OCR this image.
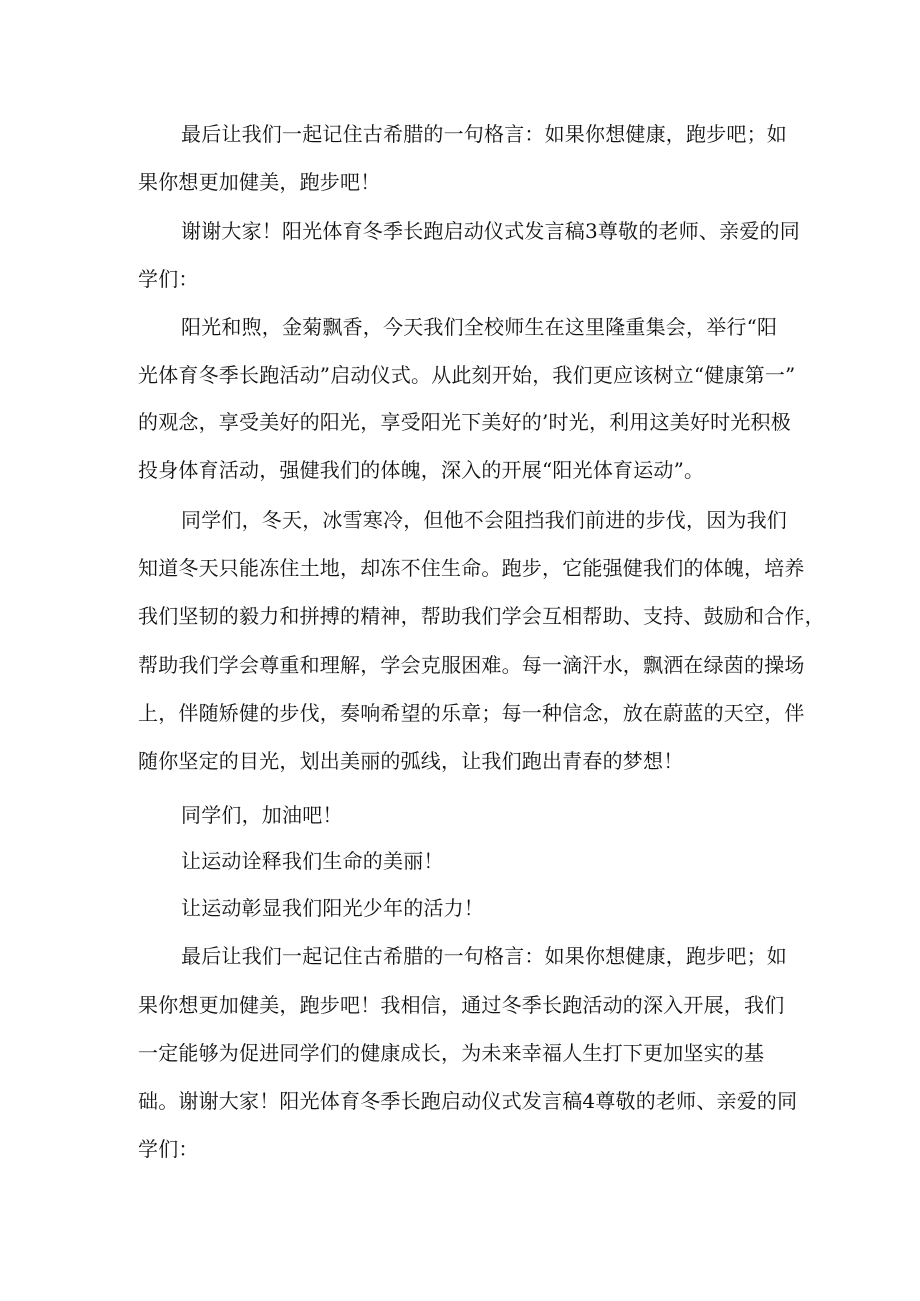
最后让我们一起记住古希腊的一句格言：如果你想健康，跑步吧；如
果你想更加健美，跑步吧！
谢谢大家！阳光体育冬季长跑启动仪式发言稿3尊敬的老师、亲爱的同
学们：
阳光和煦，金菊飘香，今天我们全校师生在这里隆重集会，举行“阳
光体育冬季长跑活动”启动仪式。从此刻开始，我们更应该树立“健康第一”
的观念，享受美好的阳光，享受阳光下美好的’时光，利用这美好时光积极
投身体育活动，强健我们的体魄，深入的开展“阳光体育运动”。
同学们，冬天，冰雪寒冷，但他不会阻挡我们前进的步伐，因为我们
知道冬天只能冻住土地，却冻不住生命。跑步，它能强健我们的体魄，培养
我们坚韧的毅力和拼搏的精神，帮助我们学会互相帮助、支持、鼓励和合作，
帮助我们学会尊重和理解，学会克服困难。每一滴汗水，飘洒在绿茵的操场
上，伴随矫健的步伐，奏响希望的乐章；每一种信念，放在蔚蓝的天空，伴
随你坚定的目光，划出美丽的弧线，让我们跑出青春的梦想！
同学们，加油吧！
让运动诠释我们生命的美丽！
让运动彰显我们阳光少年的活力！
最后让我们一起记住古希腊的一句格言：如果你想健康，跑步吧；如
果你想更加健美，跑步吧！我相信，通过冬季长跑活动的深入开展，我们
一定能够为促进同学们的健康成长，为未来幸福人生打下更加坚实的基
础。谢谢大家！阳光体育冬季长跑启动仪式发言稿4尊敬的老师、亲爱的同
学们：
